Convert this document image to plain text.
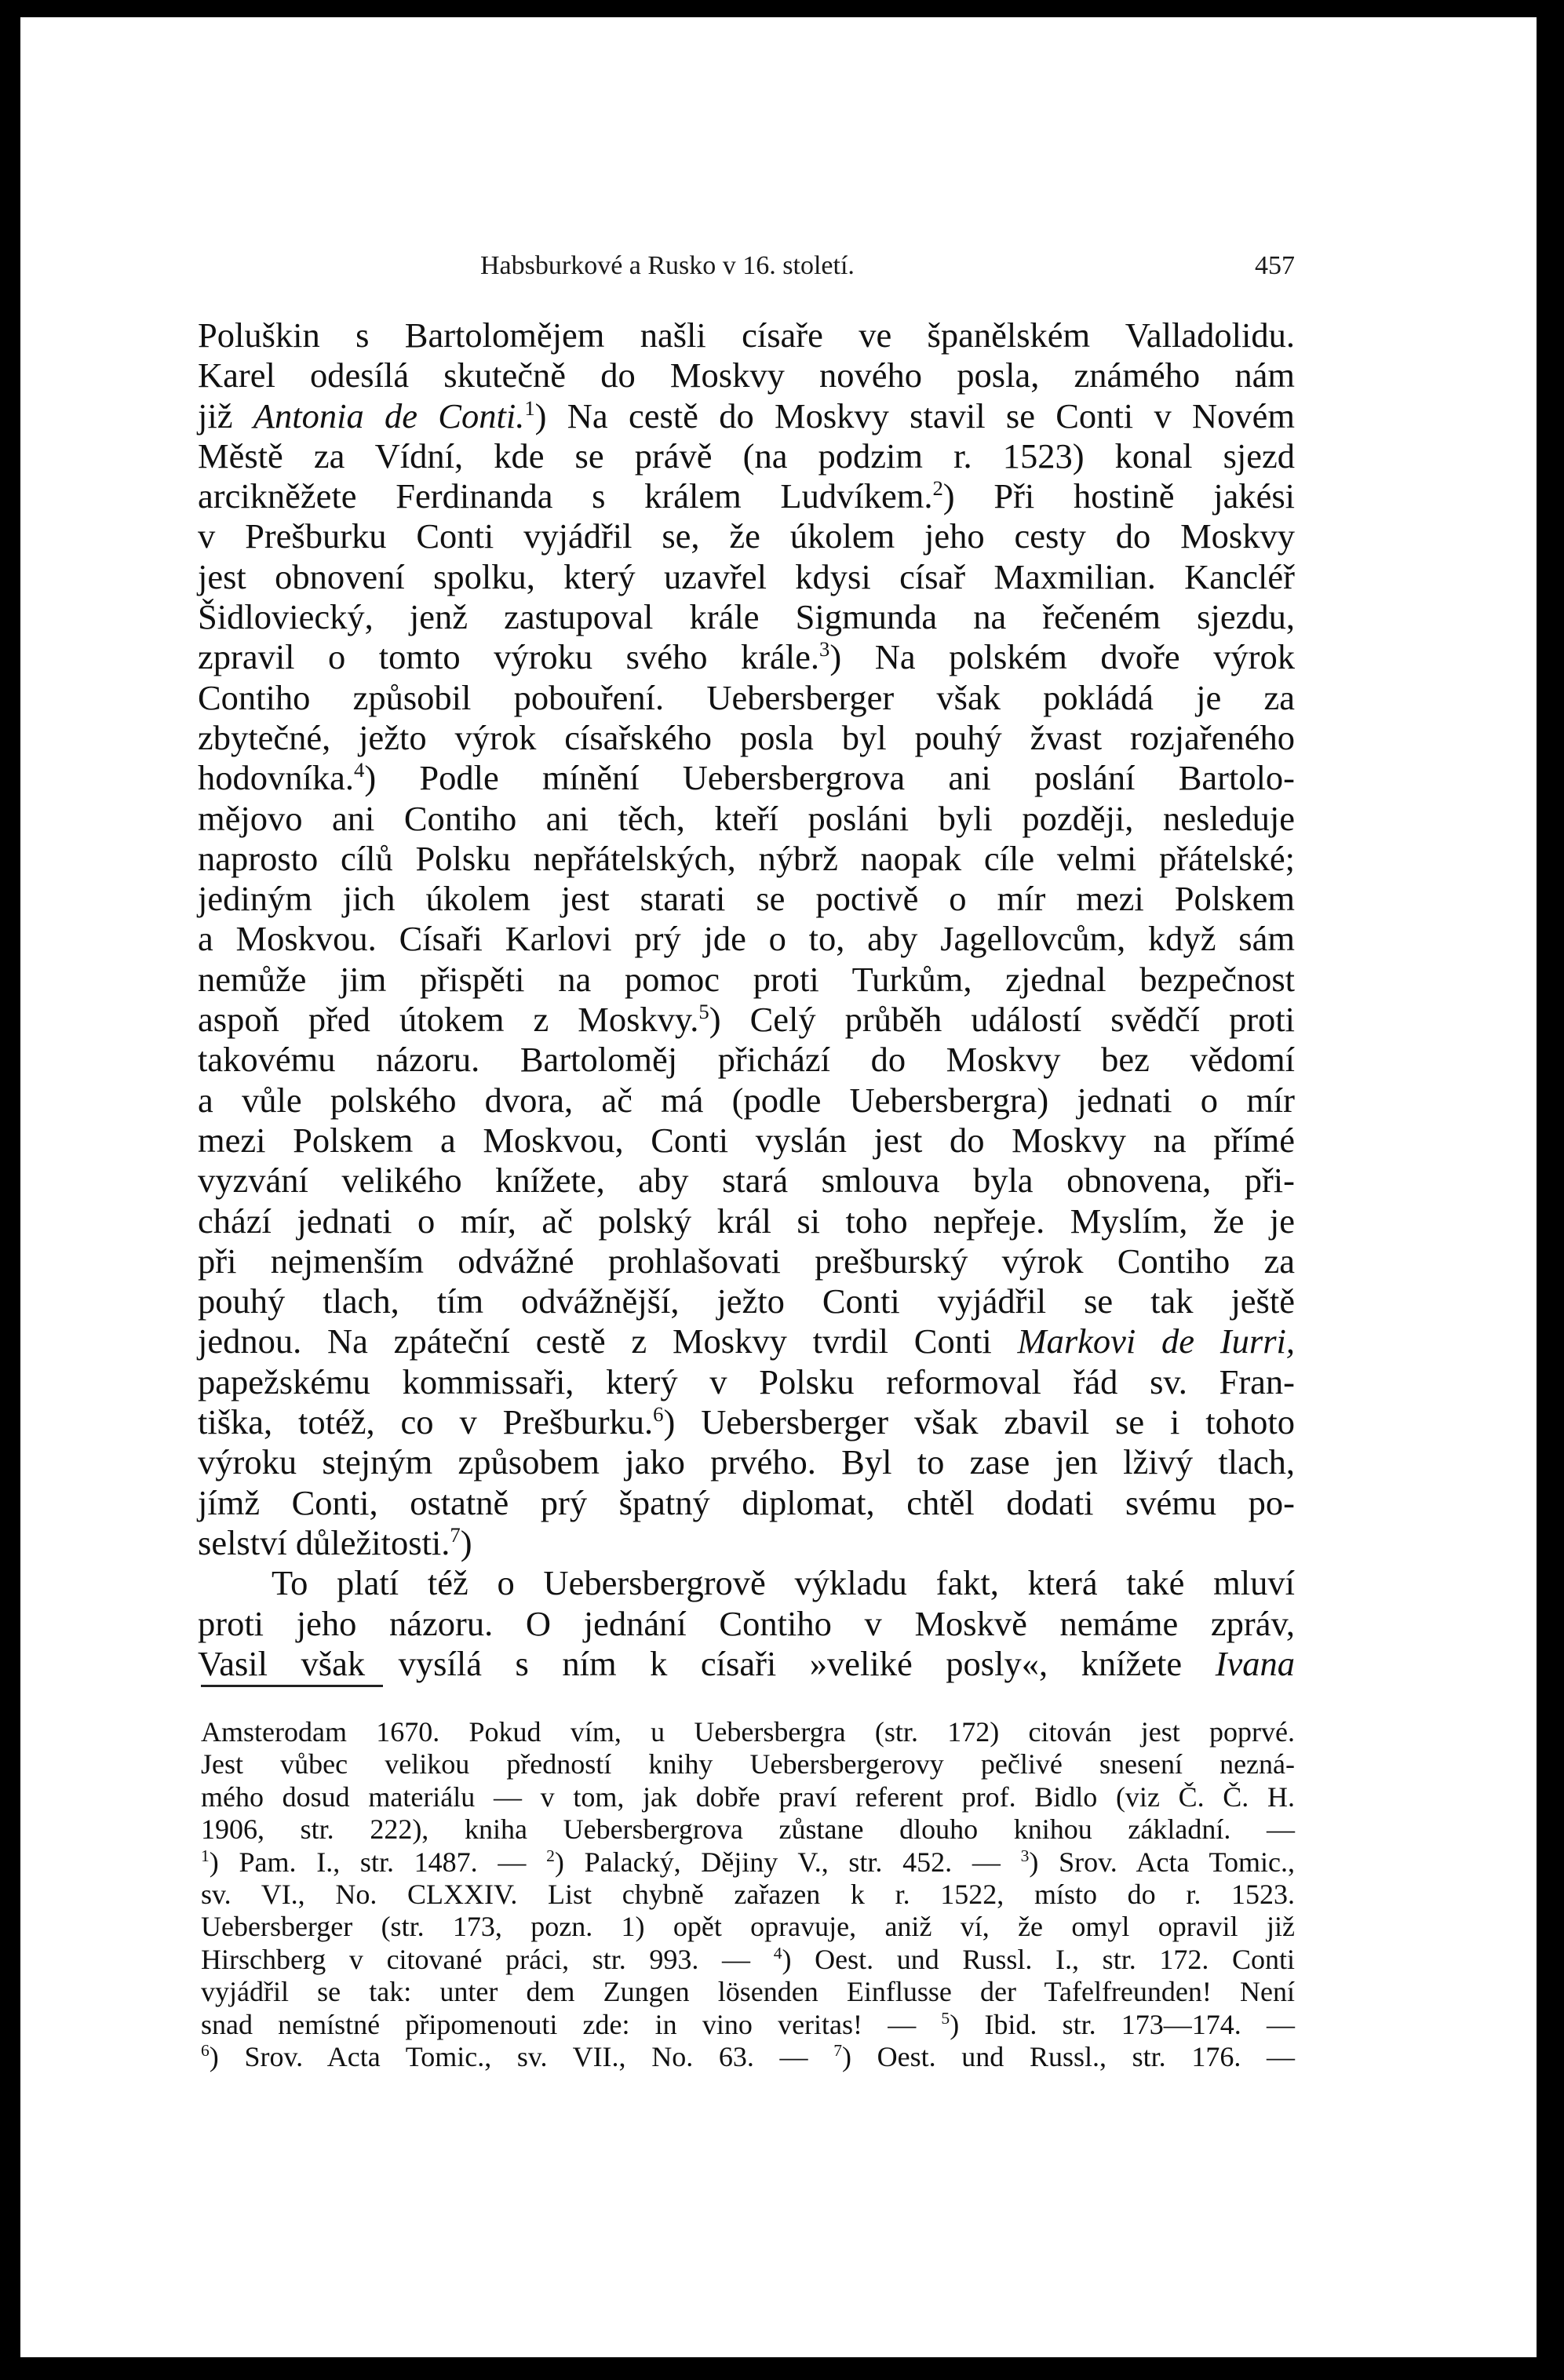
Habsburkové a Rusko v 16. století.	457

Poluškin s Bartolomějem našli císaře ve španělském Valladolidu.

Karel odesílá skutečně do Moskvy nového posla, známého nám

již Antonia de Conti.$^1$) Na cestě do Moskvy stavil se Conti v Novém

Městě za Vídní, kde se právě (na podzim r. 1523) konal sjezd

arcikněžete Ferdinanda s králem Ludvíkem.$^2$) Při hostině jakési

v Prešburku Conti vyjádřil se, že úkolem jeho cesty do Moskvy

jest obnovení spolku, který uzavřel kdysi císař Maxmilian. Kancléř

Šidloviecký, jenž zastupoval krále Sigmunda na řečeném sjezdu,

zpravil o tomto výroku svého krále.$^3$) Na polském dvoře výrok

Contiho způsobil pobouření. Uebersberger však pokládá je za

zbytečné, ježto výrok císařského posla byl pouhý žvast rozjařeného

hodovníka.$^4$) Podle mínění Uebersbergrova ani poslání Bartolo-

mějovo ani Contiho ani těch, kteří posláni byli později, nesleduje

naprosto cílů Polsku nepřátelských, nýbrž naopak cíle velmi přátelské;

jediným jich úkolem jest starati se poctivě o mír mezi Polskem

a Moskvou. Císaři Karlovi prý jde o to, aby Jagellovcům, když sám

nemůže jim přispěti na pomoc proti Turkům, zjednal bezpečnost

aspoň před útokem z Moskvy.$^5$) Celý průběh událostí svědčí proti

takovému názoru. Bartoloměj přichází do Moskvy bez vědomí

a vůle polského dvora, ač má (podle Uebersbergra) jednati o mír

mezi Polskem a Moskvou, Conti vyslán jest do Moskvy na přímé

vyzvání velikého knížete, aby stará smlouva byla obnovena, při-

chází jednati o mír, ač polský král si toho nepřeje. Myslím, že je

při nejmenším odvážné prohlašovati prešburský výrok Contiho za

pouhý tlach, tím odvážnější, ježto Conti vyjádřil se tak ještě

jednou. Na zpáteční cestě z Moskvy tvrdil Conti Markovi de Iurri,

papežskému kommissaři, který v Polsku reformoval řád sv. Fran-

tiška, totéž, co v Prešburku.$^6$) Uebersberger však zbavil se i tohoto

výroku stejným způsobem jako prvého. Byl to zase jen lživý tlach,

jímž Conti, ostatně prý špatný diplomat, chtěl dodati svému po-

selství důležitosti.$^7$)

To platí též o Uebersbergrově výkladu fakt, která také mluví

proti jeho názoru. O jednání Contiho v Moskvě nemáme zpráv,

Vasil však vysílá s ním k císaři »veliké posly«, knížete Ivana

Amsterodam 1670. Pokud vím, u Uebersbergra (str. 172) citován jest poprvé.

Jest vůbec velikou předností knihy Uebersbergerovy pečlivé snesení nezná-

mého dosud materiálu — v tom, jak dobře praví referent prof. Bidlo (viz Č. Č. H.

1906, str. 222), kniha Uebersbergrova zůstane dlouho knihou základní. —

$^1$) Pam. I., str. 1487. — $^2$) Palacký, Dějiny V., str. 452. — $^3$) Srov. Acta Tomic.,

sv. VI., No. CLXXIV. List chybně zařazen k r. 1522, místo do r. 1523.

Uebersberger (str. 173, pozn. 1) opět opravuje, aniž ví, že omyl opravil již

Hirschberg v citované práci, str. 993. — $^4$) Oest. und Russl. I., str. 172. Conti

vyjádřil se tak: unter dem Zungen lösenden Einflusse der Tafelfreunden! Není

snad nemístné připomenouti zde: in vino veritas! — $^5$) Ibid. str. 173—174. —

$^6$) Srov. Acta Tomic., sv. VII., No. 63. — $^7$) Oest. und Russl., str. 176. —
